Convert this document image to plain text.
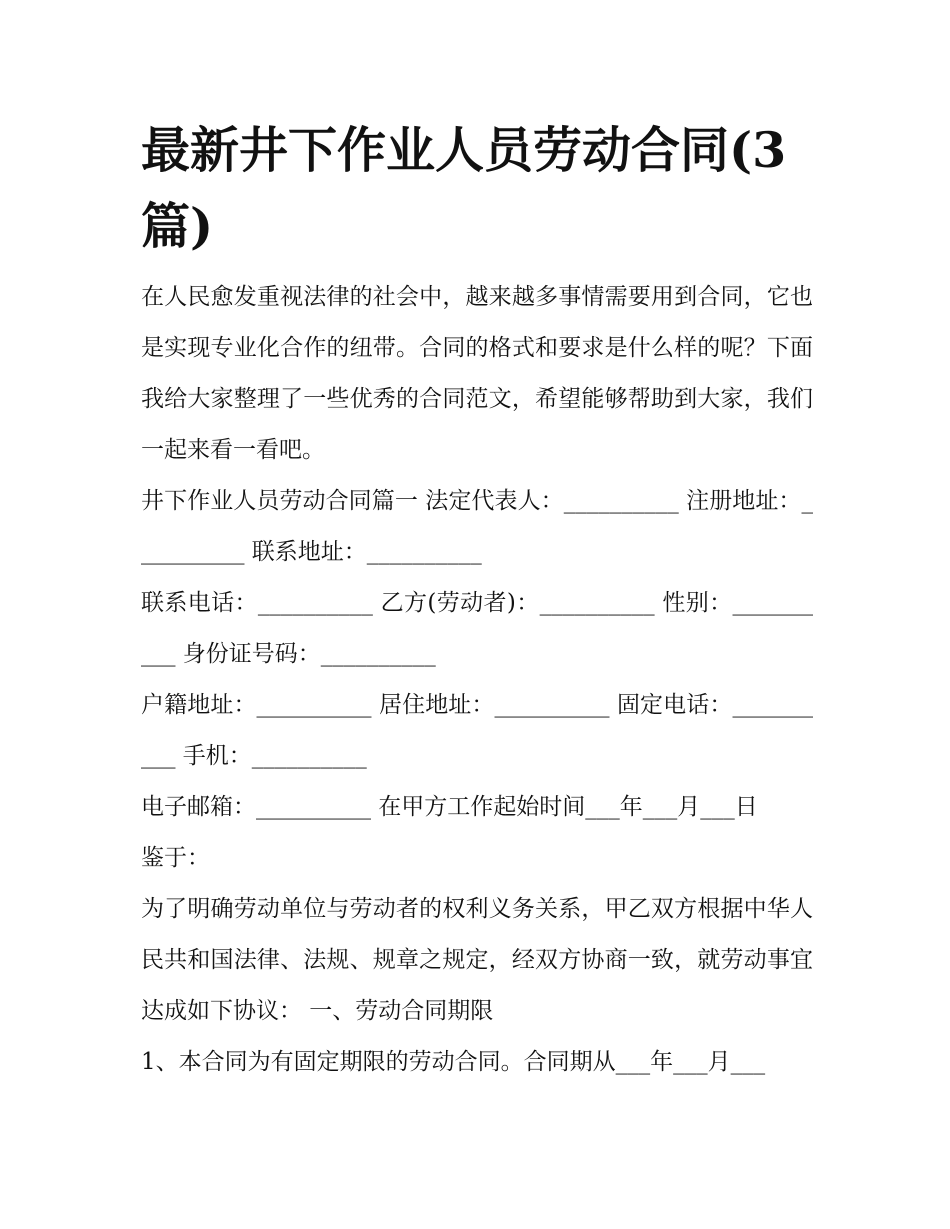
最新井下作业人员劳动合同(3篇)

在人民愈发重视法律的社会中，越来越多事情需要用到合同，它也是实现专业化合作的纽带。合同的格式和要求是什么样的呢？下面我给大家整理了一些优秀的合同范文，希望能够帮助到大家，我们一起来看一看吧。

井下作业人员劳动合同篇一 法定代表人：__________ 注册地址：__________ 联系地址：__________

联系电话：__________ 乙方(劳动者)：__________ 性别：__________ 身份证号码：__________

户籍地址：__________ 居住地址：__________ 固定电话：__________ 手机：__________

电子邮箱：__________ 在甲方工作起始时间___年___月___日

鉴于：

为了明确劳动单位与劳动者的权利义务关系，甲乙双方根据中华人民共和国法律、法规、规章之规定，经双方协商一致，就劳动事宜达成如下协议： 一、劳动合同期限

1、本合同为有固定期限的劳动合同。合同期从___年___月___
